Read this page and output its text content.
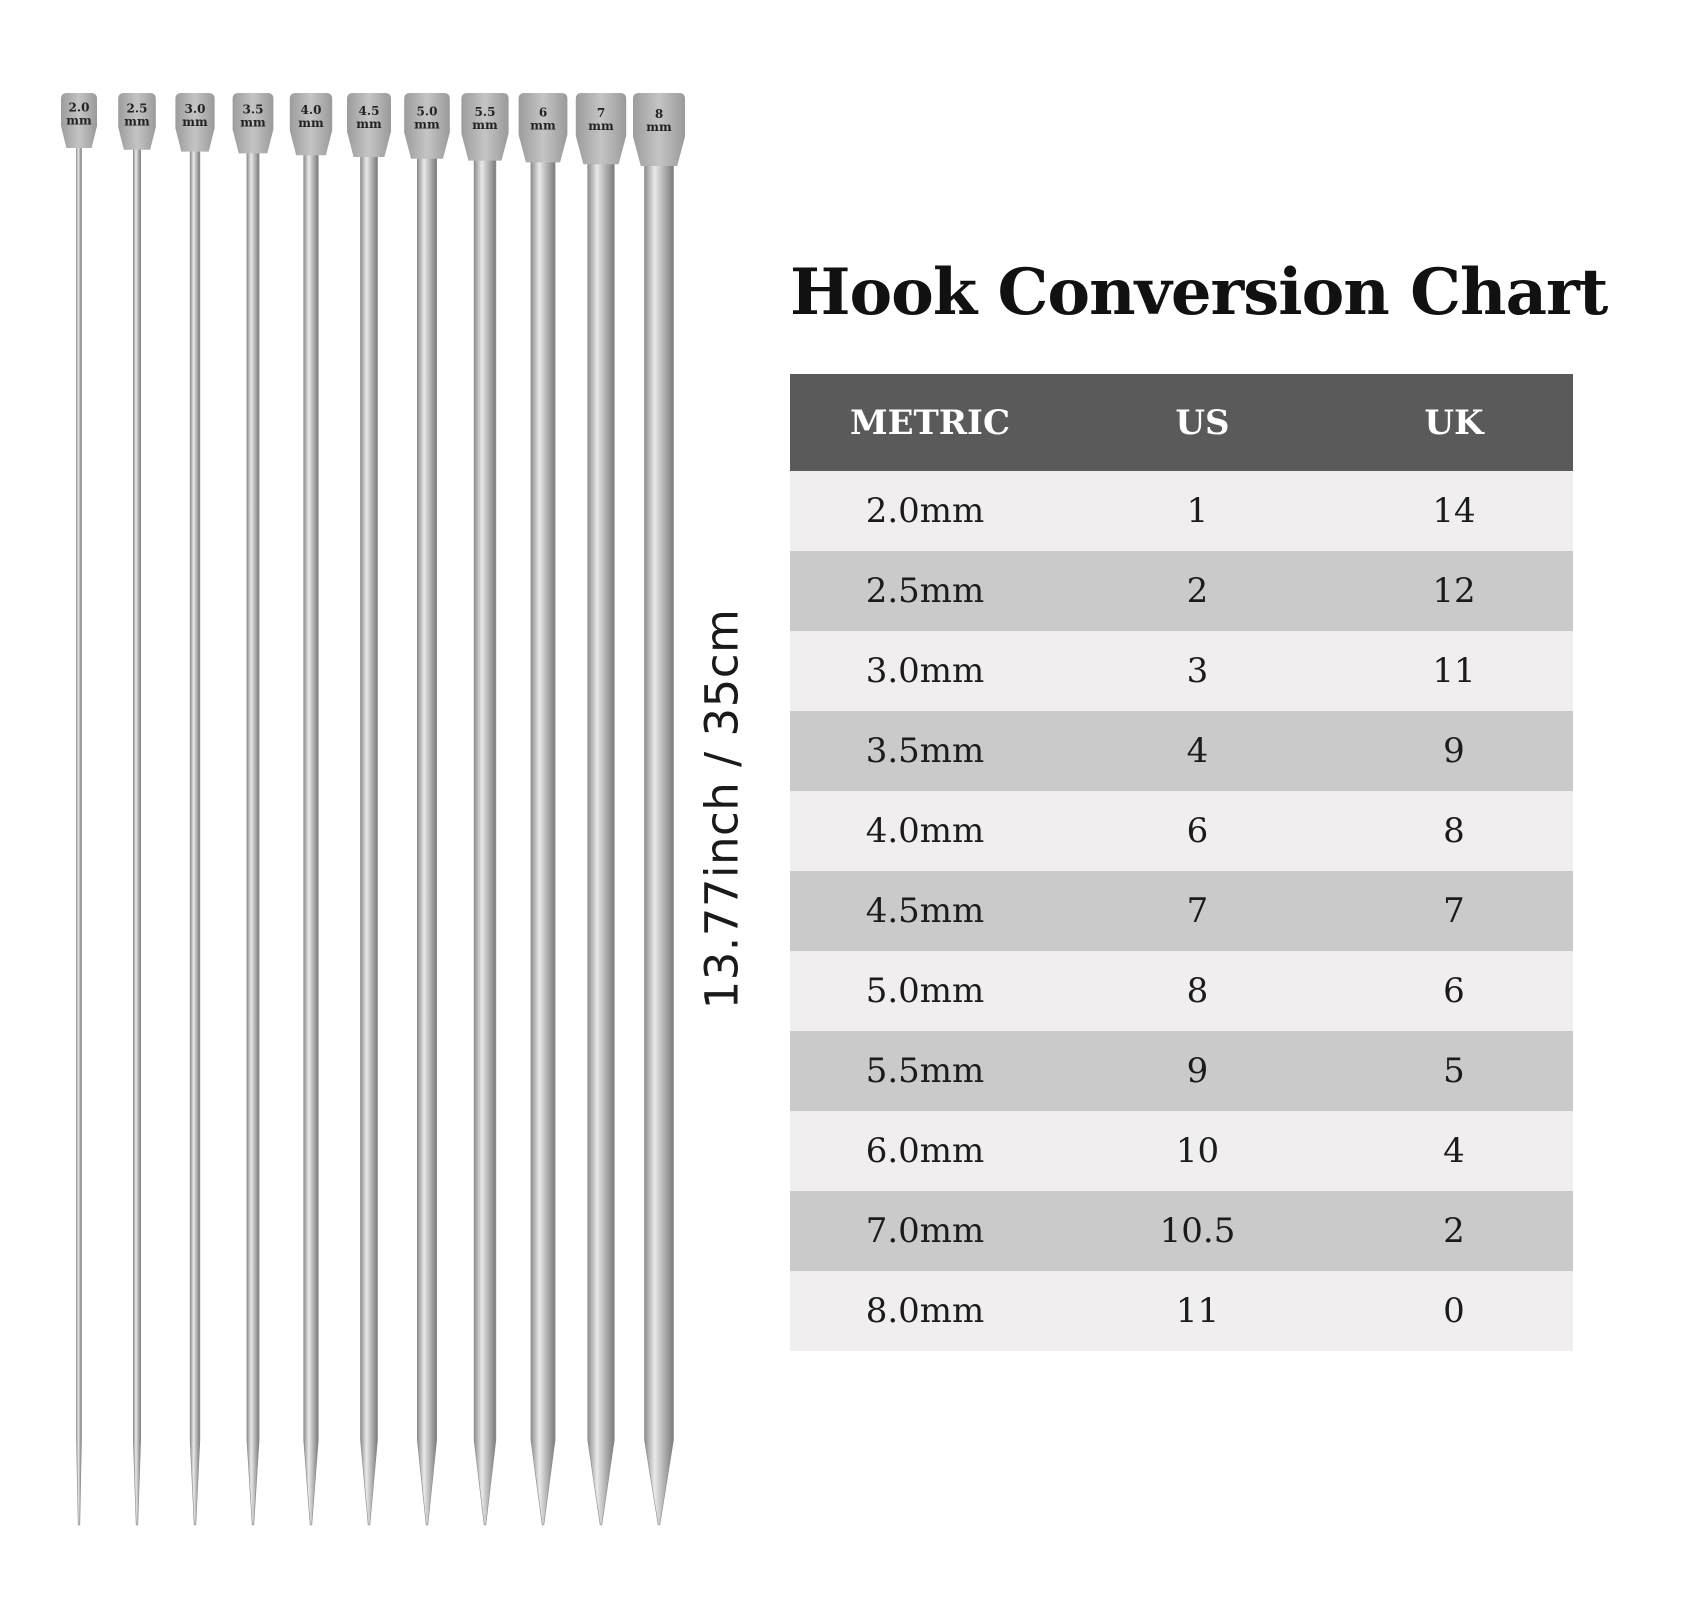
2.0
mm
2.5
mm
3.0
mm
3.5
mm
4.0
mm
4.5
mm
5.0
mm
5.5
mm
6
mm
7
mm
8
mm
13.77inch / 35cm
Hook Conversion Chart
METRIC	US	UK
2.0mm	1	14
2.5mm	2	12
3.0mm	3	11
3.5mm	4	9
4.0mm	6	8
4.5mm	7	7
5.0mm	8	6
5.5mm	9	5
6.0mm	10	4
7.0mm	10.5	2
8.0mm	11	0
